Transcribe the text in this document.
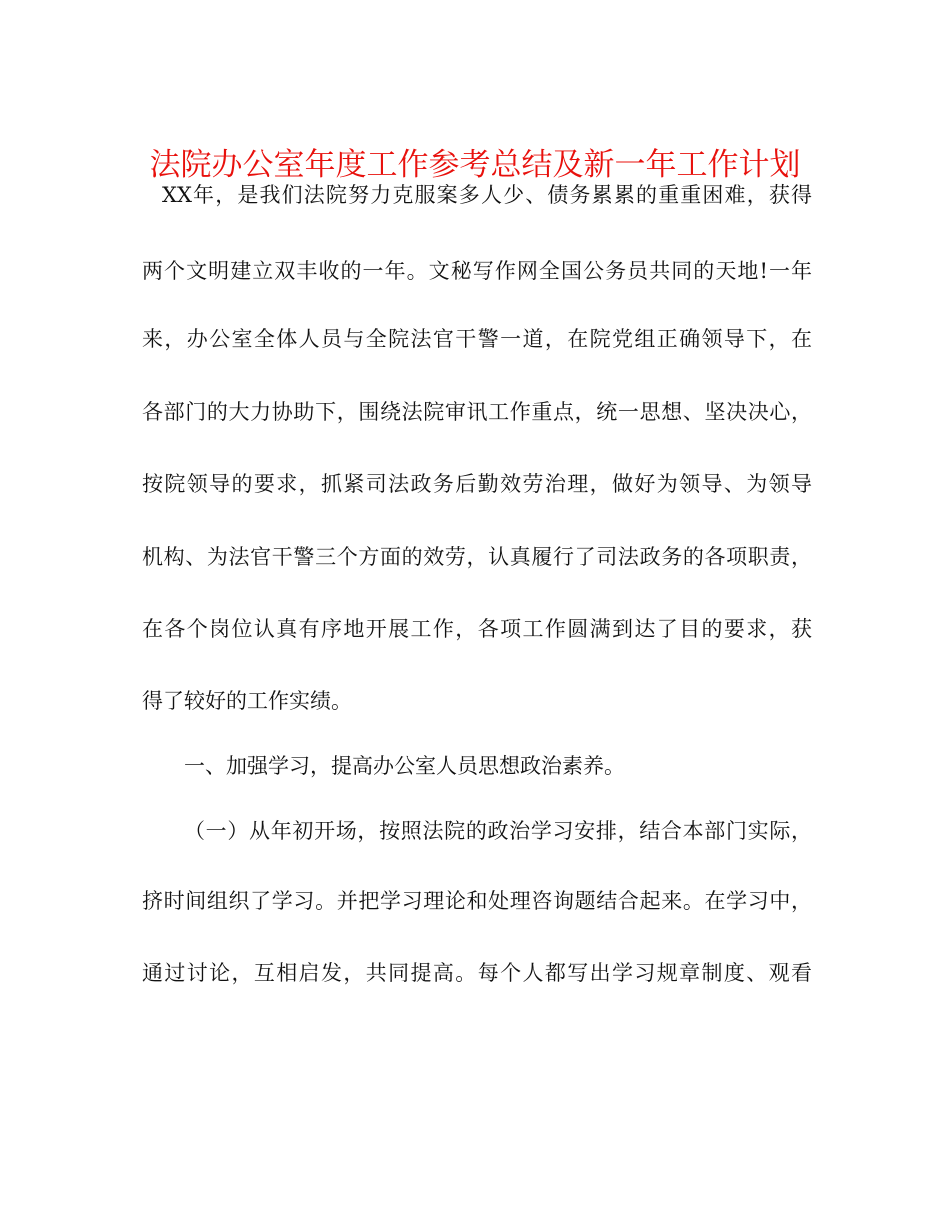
法院办公室年度工作参考总结及新一年工作计划
XX年，是我们法院努力克服案多人少、债务累累的重重困难，获得
两个文明建立双丰收的一年。文秘写作网全国公务员共同的天地!一年
来，办公室全体人员与全院法官干警一道，在院党组正确领导下，在
各部门的大力协助下，围绕法院审讯工作重点，统一思想、坚决决心，
按院领导的要求，抓紧司法政务后勤效劳治理，做好为领导、为领导
机构、为法官干警三个方面的效劳，认真履行了司法政务的各项职责，
在各个岗位认真有序地开展工作，各项工作圆满到达了目的要求，获
得了较好的工作实绩。
一、加强学习，提高办公室人员思想政治素养。
（一）从年初开场，按照法院的政治学习安排，结合本部门实际，
挤时间组织了学习。并把学习理论和处理咨询题结合起来。在学习中，
通过讨论，互相启发，共同提高。每个人都写出学习规章制度、观看
